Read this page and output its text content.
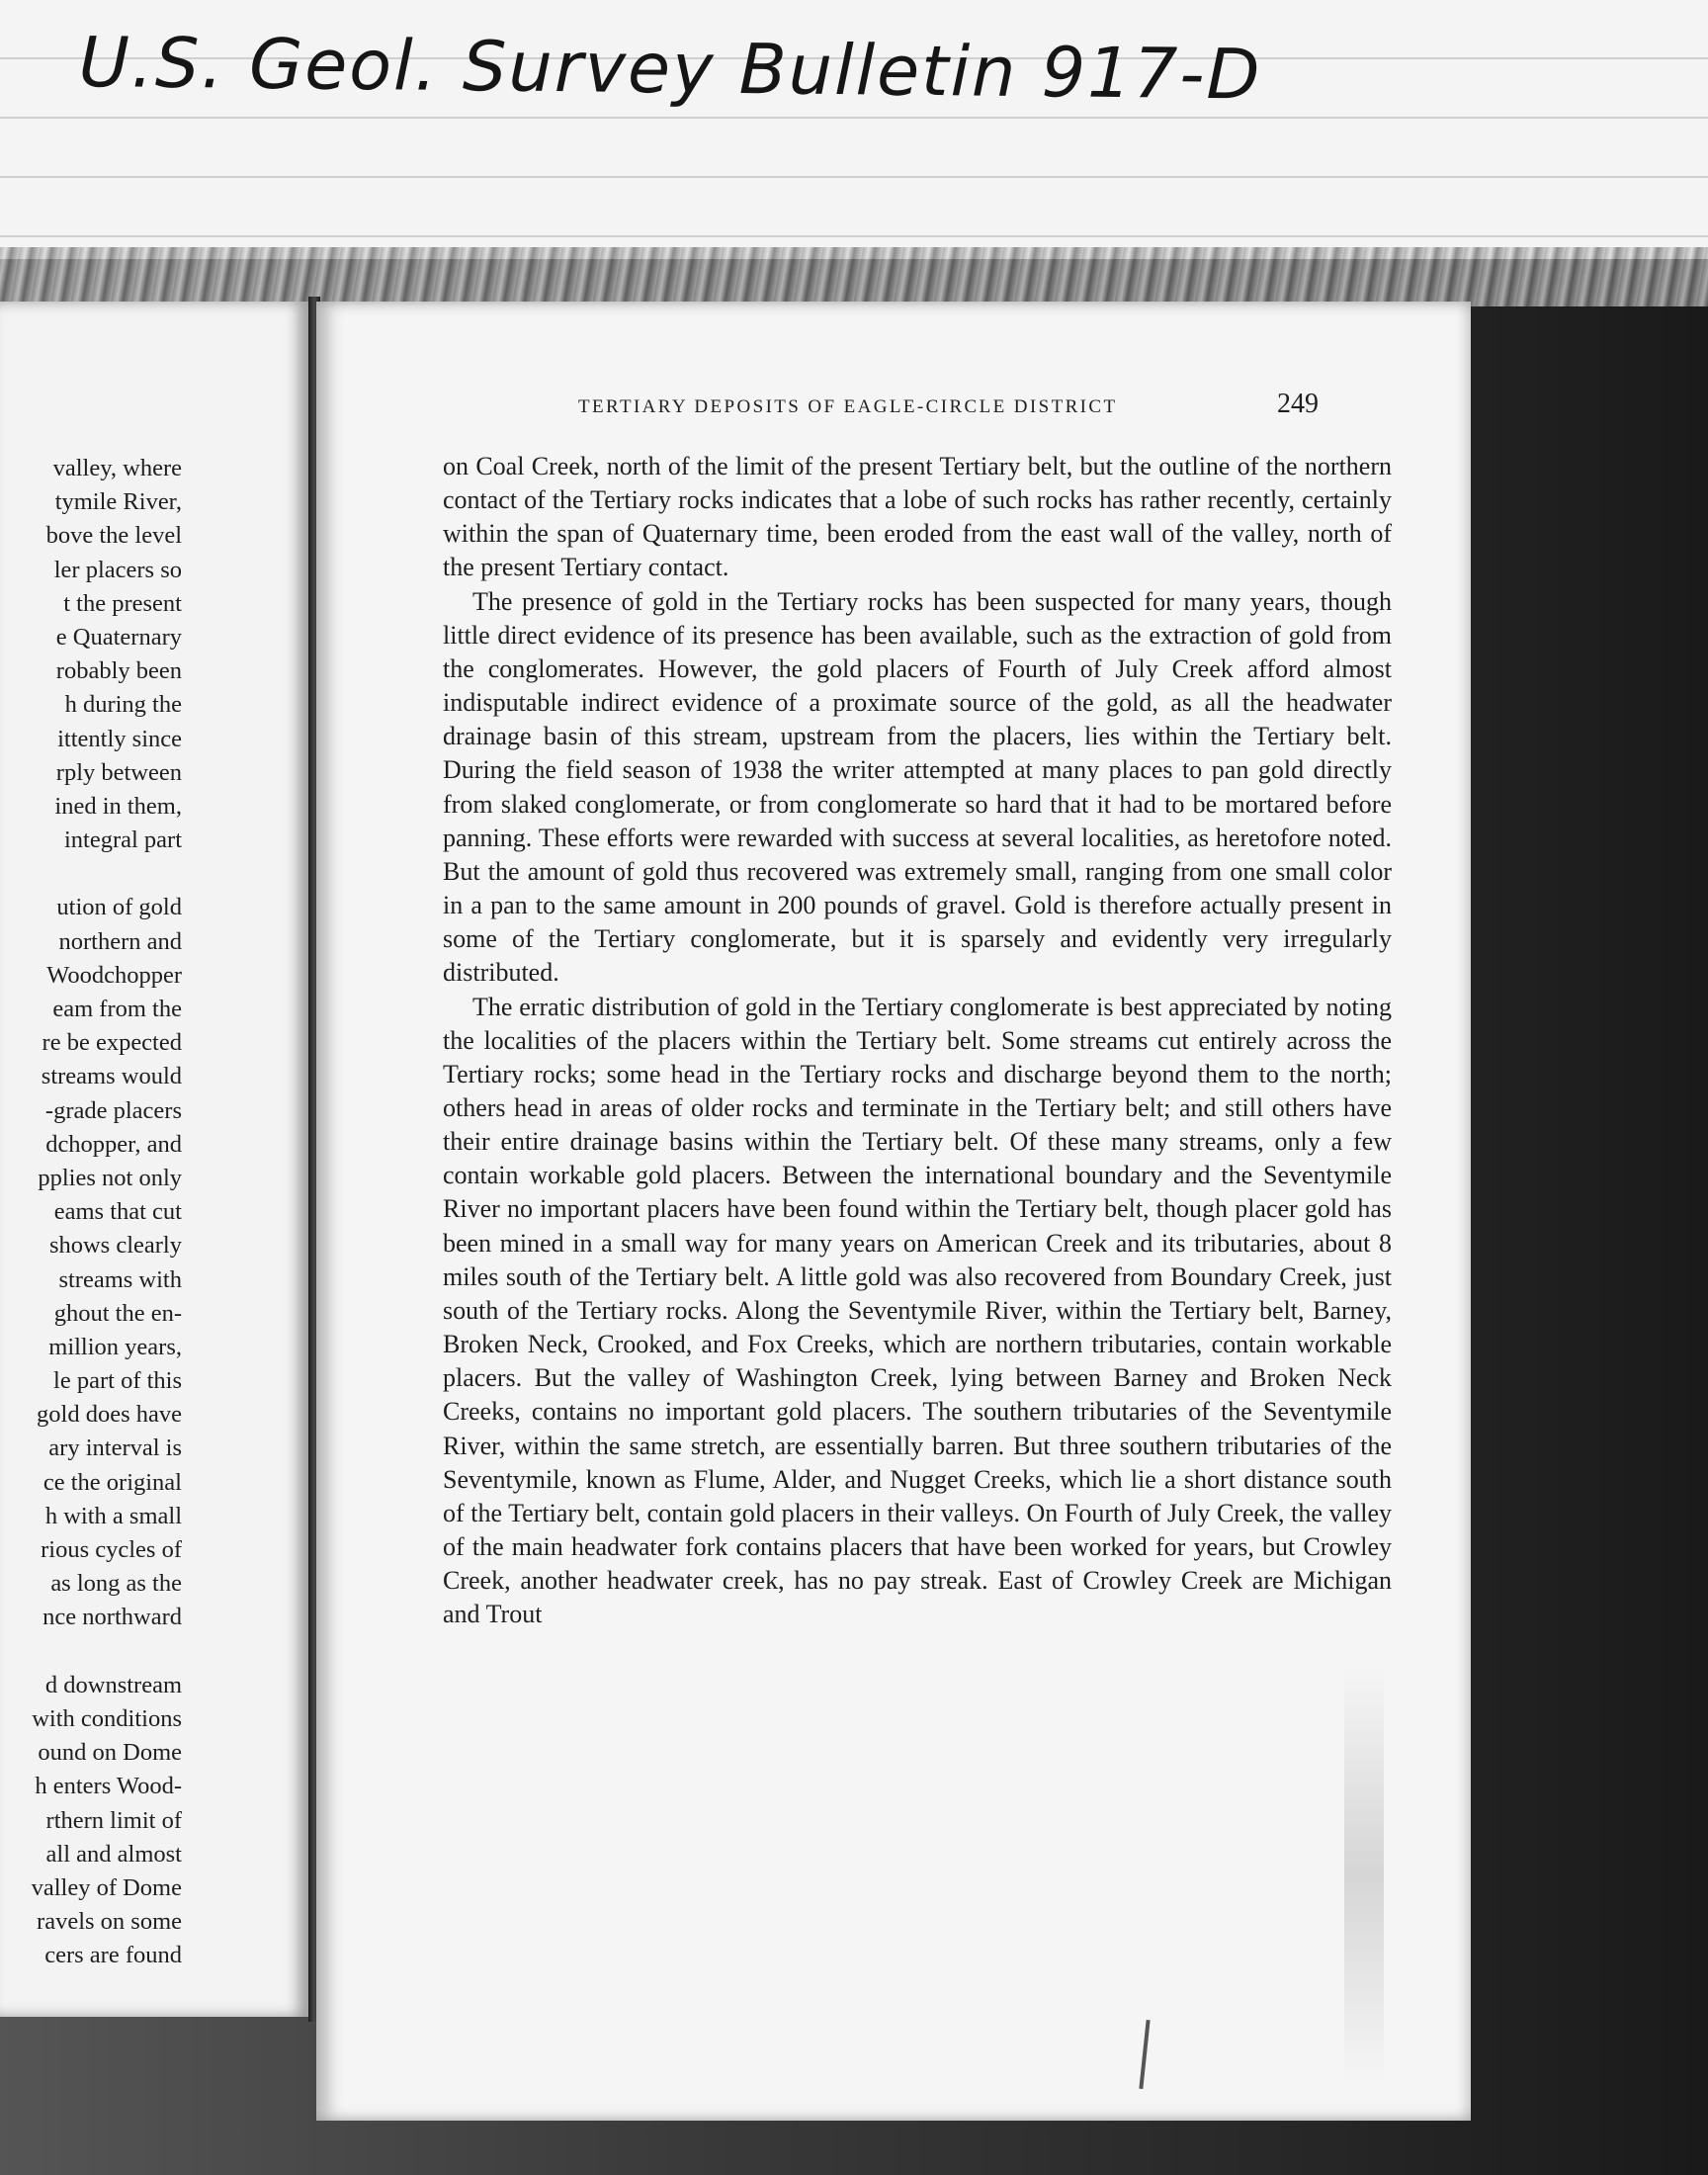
U.S. Geol. Survey Bulletin 917-D
valley, where
tymile River,
bove the level
ler placers so
t the present
e Quaternary
robably been
h during the
ittently since
rply between
ined in them,
integral part
ution of gold
northern and
Woodchopper
eam from the
re be expected
streams would
-grade placers
dchopper, and
pplies not only
eams that cut
shows clearly
streams with
ghout the en-
million years,
le part of this
gold does have
ary interval is
ce the original
h with a small
rious cycles of
as long as the
nce northward
d downstream
with conditions
ound on Dome
h enters Wood-
rthern limit of
all and almost
valley of Dome
ravels on some
cers are found
TERTIARY DEPOSITS OF EAGLE-CIRCLE DISTRICT	249

on Coal Creek, north of the limit of the present Tertiary belt, but the outline of the northern contact of the Tertiary rocks indicates that a lobe of such rocks has rather recently, certainly within the span of Quaternary time, been eroded from the east wall of the valley, north of the present Tertiary contact.

The presence of gold in the Tertiary rocks has been suspected for many years, though little direct evidence of its presence has been available, such as the extraction of gold from the conglomerates. However, the gold placers of Fourth of July Creek afford almost indisputable indirect evidence of a proximate source of the gold, as all the headwater drainage basin of this stream, upstream from the placers, lies within the Tertiary belt. During the field season of 1938 the writer attempted at many places to pan gold directly from slaked conglomerate, or from conglomerate so hard that it had to be mortared before panning. These efforts were rewarded with success at several localities, as heretofore noted. But the amount of gold thus recovered was extremely small, ranging from one small color in a pan to the same amount in 200 pounds of gravel. Gold is therefore actually present in some of the Tertiary conglomerate, but it is sparsely and evidently very irregularly distributed.

The erratic distribution of gold in the Tertiary conglomerate is best appreciated by noting the localities of the placers within the Tertiary belt. Some streams cut entirely across the Tertiary rocks; some head in the Tertiary rocks and discharge beyond them to the north; others head in areas of older rocks and terminate in the Tertiary belt; and still others have their entire drainage basins within the Tertiary belt. Of these many streams, only a few contain workable gold placers. Between the international boundary and the Seventymile River no important placers have been found within the Tertiary belt, though placer gold has been mined in a small way for many years on American Creek and its tributaries, about 8 miles south of the Tertiary belt. A little gold was also recovered from Boundary Creek, just south of the Tertiary rocks. Along the Seventymile River, within the Tertiary belt, Barney, Broken Neck, Crooked, and Fox Creeks, which are northern tributaries, contain workable placers. But the valley of Washington Creek, lying between Barney and Broken Neck Creeks, contains no important gold placers. The southern tributaries of the Seventymile River, within the same stretch, are essentially barren. But three southern tributaries of the Seventymile, known as Flume, Alder, and Nugget Creeks, which lie a short distance south of the Tertiary belt, contain gold placers in their valleys. On Fourth of July Creek, the valley of the main headwater fork contains placers that have been worked for years, but Crowley Creek, another headwater creek, has no pay streak. East of Crowley Creek are Michigan and Trout
